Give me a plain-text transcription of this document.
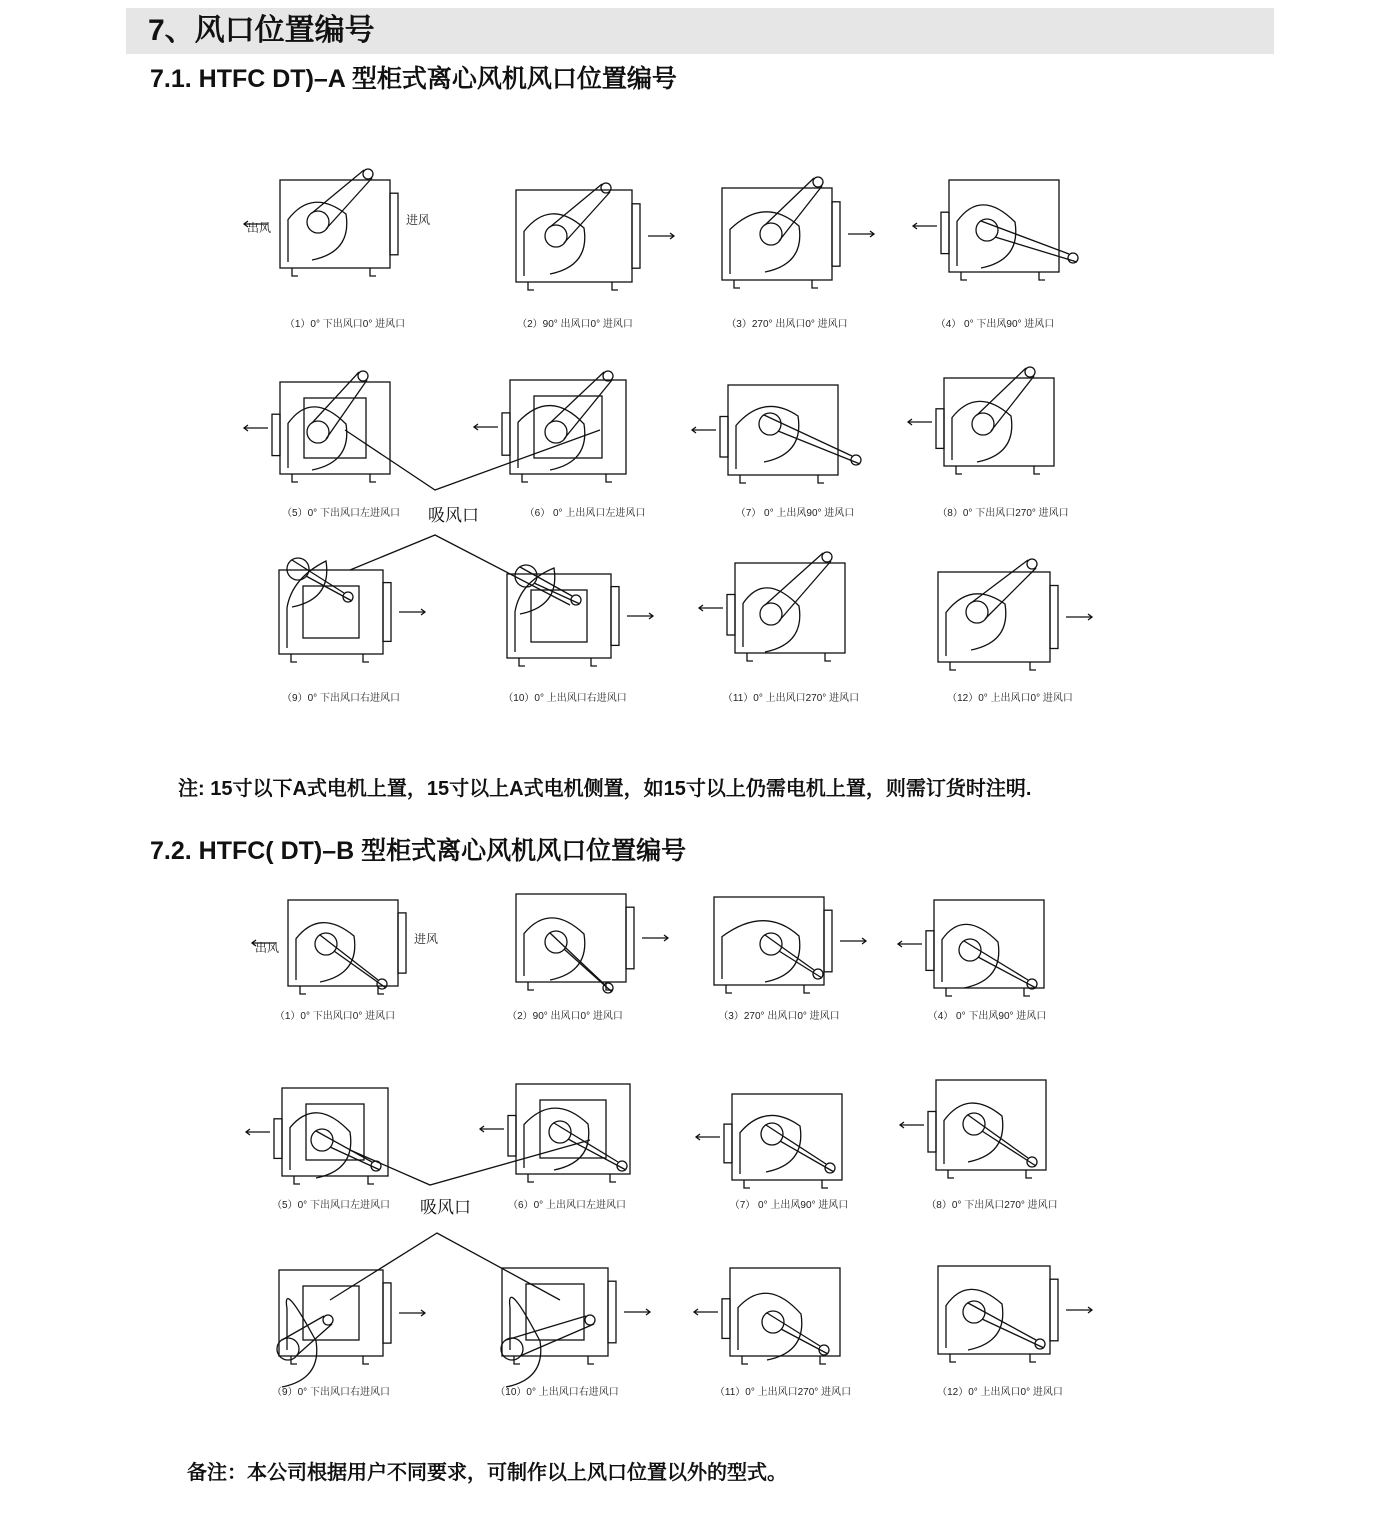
7、风口位置编号
7.1. HTFC DT)–A 型柜式离心风机风口位置编号
7.2. HTFC( DT)–B 型柜式离心风机风口位置编号
（1）0° 下出风口0° 进风口	（2）90° 出风口0° 进风口	（3）270° 出风口0° 进风口	（4） 0° 下出风90° 进风口
（5）0° 下出风口左进风口	（6） 0° 上出风口左进风口	（7） 0° 上出风90° 进风口	（8）0° 下出风口270° 进风口
（9）0° 下出风口右进风口	（10）0° 上出风口右进风口	（11）0° 上出风口270° 进风口	（12）0° 上出风口0° 进风口
出风
进风
吸风口
注: 15寸以下A式电机上置，15寸以上A式电机侧置，如15寸以上仍需电机上置，则需订货时注明.
（1）0° 下出风口0° 进风口	（2）90° 出风口0° 进风口	（3）270° 出风口0° 进风口	（4） 0° 下出风90° 进风口
（5）0° 下出风口左进风口	（6）0° 上出风口左进风口	（7） 0° 上出风90° 进风口	（8）0° 下出风口270° 进风口
（9）0° 下出风口右进风口	（10）0° 上出风口右进风口	（11）0° 上出风口270° 进风口	（12）0° 上出风口0° 进风口
出风
进风
吸风口
备注：本公司根据用户不同要求，可制作以上风口位置以外的型式。
